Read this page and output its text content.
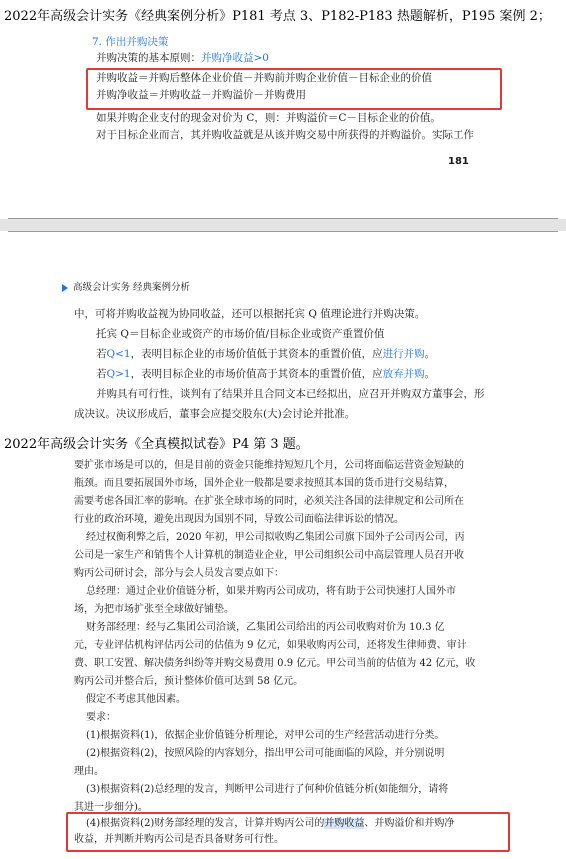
2022年高级会计实务《经典案例分析》P181 考点 3、P182-P183 热题解析，P195 案例 2；
7. 作出并购决策
并购决策的基本原则：并购净收益>0
并购收益＝并购后整体企业价值－并购前并购企业价值－目标企业的价值
并购净收益＝并购收益－并购溢价－并购费用
如果并购企业支付的现金对价为 C，则：并购溢价＝C－目标企业的价值。
对于目标企业而言，其并购收益就是从该并购交易中所获得的并购溢价。实际工作
181
高级会计实务 经典案例分析
中，可将并购收益视为协同收益，还可以根据托宾 Q 值理论进行并购决策。
托宾 Q＝目标企业或资产的市场价值/目标企业或资产重置价值
若Q<1，表明目标企业的市场价值低于其资本的重置价值，应进行并购。
若Q>1，表明目标企业的市场价值高于其资本的重置价值，应放弃并购。
并购具有可行性，谈判有了结果并且合同文本已经拟出，应召开并购双方董事会，形
成决议。决议形成后，董事会应提交股东(大)会讨论并批准。
2022年高级会计实务《全真模拟试卷》P4 第 3 题。
要扩张市场是可以的，但是目前的资金只能维持短短几个月，公司将面临运营资金短缺的
瓶颈。而且要拓展国外市场，国外企业一般都是要求按照其本国的货币进行交易结算，
需要考虑各国汇率的影响。在扩张全球市场的同时，必须关注各国的法律规定和公司所在
行业的政治环境，避免出现因为国别不同，导致公司面临法律诉讼的情况。
经过权衡利弊之后，2020 年初，甲公司拟收购乙集团公司旗下国外子公司丙公司，丙
公司是一家生产和销售个人计算机的制造业企业，甲公司组织公司中高层管理人员召开收
购丙公司研讨会，部分与会人员发言要点如下：
总经理：通过企业价值链分析，如果并购丙公司成功，将有助于公司快速打人国外市
场，为把市场扩张至全球做好铺垫。
财务部经理：经与乙集团公司洽谈，乙集团公司给出的丙公司收购对价为 10.3 亿
元，专业评估机构评估丙公司的估值为 9 亿元，如果收购丙公司，还将发生律师费、审计
费、职工安置、解决债务纠纷等并购交易费用 0.9 亿元。甲公司当前的估值为 42 亿元，收
购丙公司并整合后，预计整体价值可达到 58 亿元。
假定不考虑其他因素。
要求：
(1)根据资料(1)，依据企业价值链分析理论，对甲公司的生产经营活动进行分类。
(2)根据资料(2)，按照风险的内容划分，指出甲公司可能面临的风险，并分别说明
理由。
(3)根据资料(2)总经理的发言，判断甲公司进行了何种价值链分析(如能细分，请将
其进一步细分)。
(4)根据资料(2)财务部经理的发言，计算并购丙公司的并购收益、并购溢价和并购净
收益，并判断并购丙公司是否具备财务可行性。
